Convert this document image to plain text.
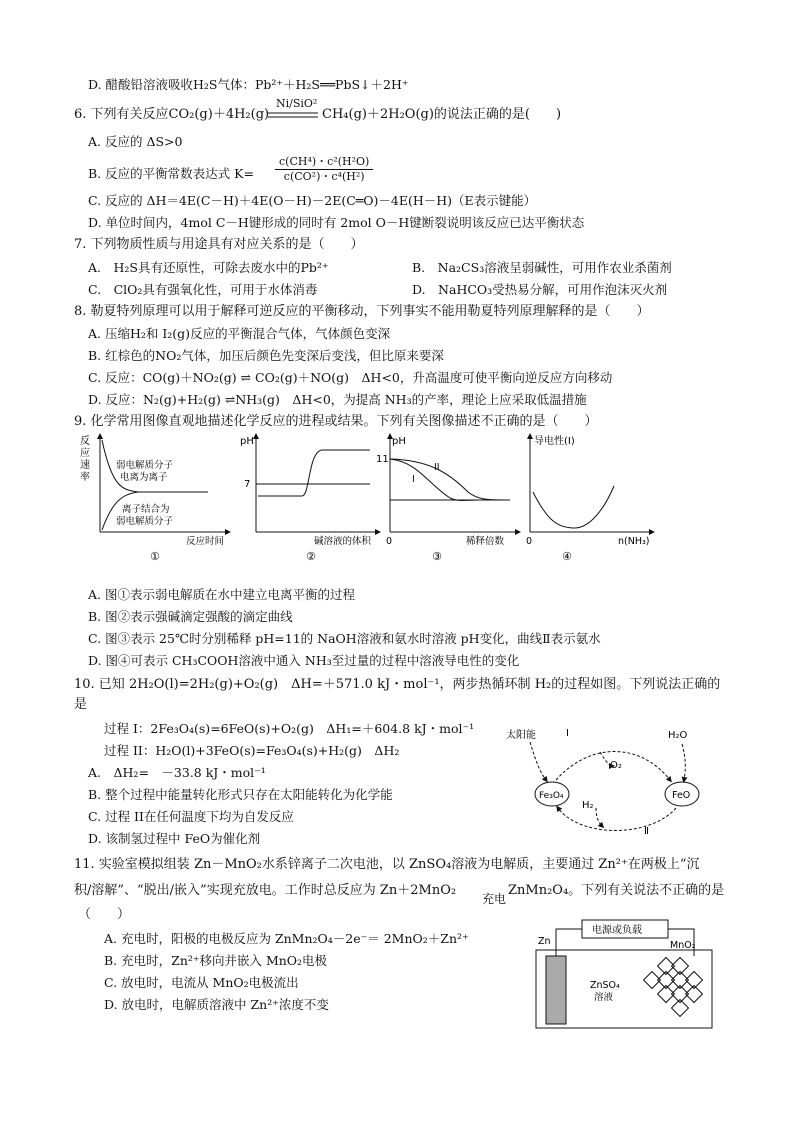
D. 醋酸铅溶液吸收H₂S气体：Pb²⁺＋H₂S══PbS↓＋2H⁺
6. 下列有关反应CO₂(g)＋4H₂(g)
Ni/SiO²
CH₄(g)＋2H₂O(g)的说法正确的是(　　)
A. 反应的 ΔS>0
B. 反应的平衡常数表达式 $K= \frac{\text{c(CH⁴)・c²(H²O)}}{\text{c(CO²)・c⁴(H²)}}$
C. 反应的 ΔH＝4E(C－H)＋4E(O－H)－2E(C═O)－4E(H－H)（E表示键能）
D. 单位时间内，4mol C－H键形成的同时有 2mol O－H键断裂说明该反应已达平衡状态
7. 下列物质性质与用途具有对应关系的是（　　）
A.　H₂S具有还原性，可除去废水中的Pb²⁺	B.　Na₂CS₃溶液呈弱碱性，可用作农业杀菌剂
C.　ClO₂具有强氧化性，可用于水体消毒	D.　NaHCO₃受热易分解，可用作泡沫灭火剂
8. 勒夏特列原理可以用于解释可逆反应的平衡移动，下列事实不能用勒夏特列原理解释的是（　　）
A. 压缩H₂和 I₂(g)反应的平衡混合气体，气体颜色变深
B. 红棕色的NO₂气体，加压后颜色先变深后变浅，但比原来要深
C. 反应：CO(g)＋NO₂(g) ⇌ CO₂(g)＋NO(g)　ΔH<0，升高温度可使平衡向逆反应方向移动
D. 反应：N₂(g)+H₂(g) ⇌NH₃(g)　ΔH<0，为提高 NH₃的产率，理论上应采取低温措施
9. 化学常用图像直观地描述化学反应的进程或结果。下列有关图像描述不正确的是（　　）
反
应
速
率
弱电解质分子
电离为离子
离子结合为
弱电解质分子
反应时间
①
pH
7
碱溶液的体积
②
pH
11
I
II
0	稀释倍数
③
导电性(I)
0	n(NH₃)
④
A. 图①表示弱电解质在水中建立电离平衡的过程
B. 图②表示强碱滴定强酸的滴定曲线
C. 图③表示 25℃时分别稀释 pH=11的 NaOH溶液和氨水时溶液 pH变化，曲线Ⅱ表示氨水
D. 图④可表示 CH₃COOH溶液中通入 NH₃至过量的过程中溶液导电性的变化
10. 已知 2H₂O(l)=2H₂(g)+O₂(g)　ΔH=＋571.0 kJ・mol⁻¹，两步热循环制 H₂的过程如图。下列说法正确的
是
过程 I：2Fe₃O₄(s)=6FeO(s)+O₂(g)　ΔH₁=＋604.8 kJ・mol⁻¹
过程 II：H₂O(l)+3FeO(s)=Fe₃O₄(s)+H₂(g)　ΔH₂
A.　ΔH₂=　－33.8 kJ・mol⁻¹
B. 整个过程中能量转化形式只存在太阳能转化为化学能
C. 过程 II在任何温度下均为自发反应
D. 该制氢过程中 FeO为催化剂
太阳能	I
O₂
H₂O
Fe₃O₄	FeO
H₂
Ⅱ
11. 实验室模拟组装 Zn－MnO₂水系锌离子二次电池，以 ZnSO₄溶液为电解质，主要通过 Zn²⁺在两极上“沉
积/溶解”、“脱出/嵌入”实现充放电。工作时总反应为 Zn＋2MnO₂
充电
ZnMn₂O₄。下列有关说法不正确的是
（　　）
A. 充电时，阳极的电极反应为 ZnMn₂O₄－2e⁻＝ 2MnO₂＋Zn²⁺
B. 充电时，Zn²⁺移向并嵌入 MnO₂电极
C. 放电时，电流从 MnO₂电极流出
D. 放电时，电解质溶液中 Zn²⁺浓度不变
电源或负载
Zn	MnO₂
ZnSO₄
溶液
